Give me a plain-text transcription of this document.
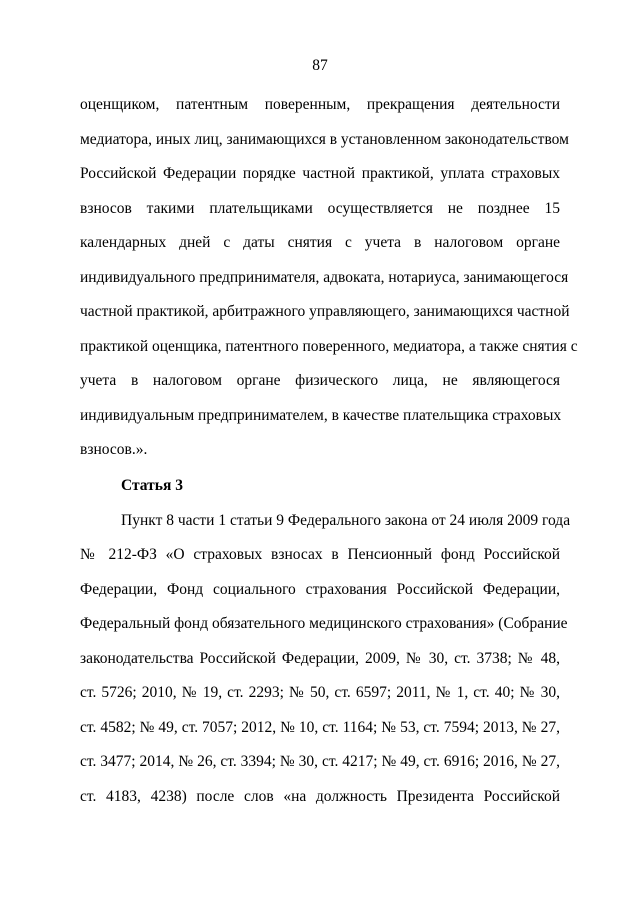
87
оценщиком, патентным поверенным, прекращения деятельности
медиатора, иных лиц, занимающихся в установленном законодательством
Российской Федерации порядке частной практикой, уплата страховых
взносов такими плательщиками осуществляется не позднее 15
календарных дней с даты снятия с учета в налоговом органе
индивидуального предпринимателя, адвоката, нотариуса, занимающегося
частной практикой, арбитражного управляющего, занимающихся частной
практикой оценщика, патентного поверенного, медиатора, а также снятия с
учета в налоговом органе физического лица, не являющегося
индивидуальным предпринимателем, в качестве плательщика страховых
взносов.».
Статья 3
Пункт 8 части 1 статьи 9 Федерального закона от 24 июля 2009 года
№ 212-ФЗ «О страховых взносах в Пенсионный фонд Российской
Федерации, Фонд социального страхования Российской Федерации,
Федеральный фонд обязательного медицинского страхования» (Собрание
законодательства Российской Федерации, 2009, № 30, ст. 3738; № 48,
ст. 5726; 2010, № 19, ст. 2293; № 50, ст. 6597; 2011, № 1, ст. 40; № 30,
ст. 4582; № 49, ст. 7057; 2012, № 10, ст. 1164; № 53, ст. 7594; 2013, № 27,
ст. 3477; 2014, № 26, ст. 3394; № 30, ст. 4217; № 49, ст. 6916; 2016, № 27,
ст. 4183, 4238) после слов «на должность Президента Российской
